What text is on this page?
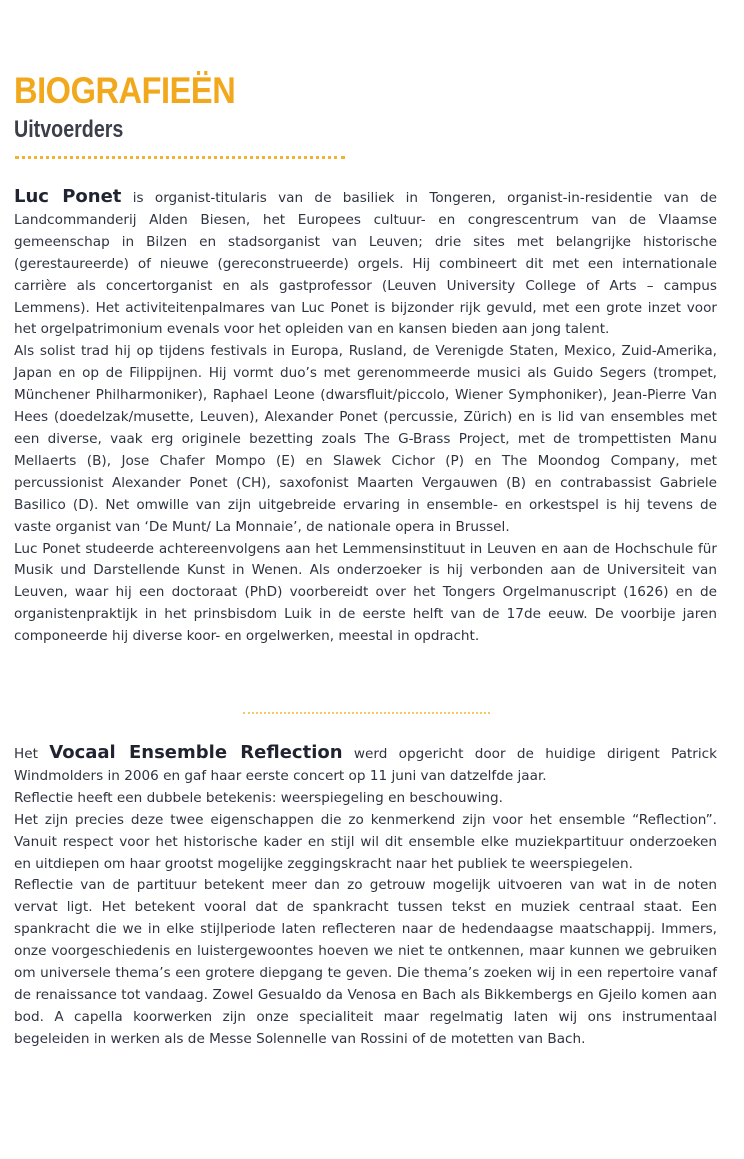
BIOGRAFIEËN
Uitvoerders

Luc Ponet is organist-titularis van de basiliek in Tongeren, organist-in-residentie van de Landcommanderij Alden Biesen, het Europees cultuur- en congrescentrum van de Vlaamse gemeenschap in Bilzen en stadsorganist van Leuven; drie sites met belangrijke historische (gerestaureerde) of nieuwe (gereconstrueerde) orgels. Hij combineert dit met een internationale carrière als concertorganist en als gastprofessor (Leuven University College of Arts – campus Lemmens). Het activiteitenpalmares van Luc Ponet is bijzonder rijk gevuld, met een grote inzet voor het orgelpatrimonium evenals voor het opleiden van en kansen bieden aan jong talent.

Als solist trad hij op tijdens festivals in Europa, Rusland, de Verenigde Staten, Mexico, Zuid-Amerika, Japan en op de Filippijnen. Hij vormt duo’s met gerenommeerde musici als Guido Segers (trompet, Münchener Philharmoniker), Raphael Leone (dwarsfluit/piccolo, Wiener Symphoniker), Jean-Pierre Van Hees (doedelzak/musette, Leuven), Alexander Ponet (percussie, Zürich) en is lid van ensembles met een diverse, vaak erg originele bezetting zoals The G-Brass Project, met de trompettisten Manu Mellaerts (B), Jose Chafer Mompo (E) en Slawek Cichor (P) en The Moondog Company, met percussionist Alexander Ponet (CH), saxofonist Maarten Vergauwen (B) en contrabassist Gabriele Basilico (D). Net omwille van zijn uitgebreide ervaring in ensemble- en orkestspel is hij tevens de vaste organist van ‘De Munt/ La Monnaie’, de nationale opera in Brussel.

Luc Ponet studeerde achtereenvolgens aan het Lemmensinstituut in Leuven en aan de Hochschule für Musik und Darstellende Kunst in Wenen. Als onderzoeker is hij verbonden aan de Universiteit van Leuven, waar hij een doctoraat (PhD) voorbereidt over het Tongers Orgelmanuscript (1626) en de organistenpraktijk in het prinsbisdom Luik in de eerste helft van de 17de eeuw. De voorbije jaren componeerde hij diverse koor- en orgelwerken, meestal in opdracht.

Het Vocaal Ensemble Reflection werd opgericht door de huidige dirigent Patrick Windmolders in 2006 en gaf haar eerste concert op 11 juni van datzelfde jaar.

Reflectie heeft een dubbele betekenis: weerspiegeling en beschouwing.

Het zijn precies deze twee eigenschappen die zo kenmerkend zijn voor het ensemble “Reflection”. Vanuit respect voor het historische kader en stijl wil dit ensemble elke muziekpartituur onderzoeken en uitdiepen om haar grootst mogelijke zeggingskracht naar het publiek te weerspiegelen.

Reflectie van de partituur betekent meer dan zo getrouw mogelijk uitvoeren van wat in de noten vervat ligt. Het betekent vooral dat de spankracht tussen tekst en muziek centraal staat. Een spankracht die we in elke stijlperiode laten reflecteren naar de hedendaagse maatschappij. Immers, onze voorgeschiedenis en luistergewoontes hoeven we niet te ontkennen, maar kunnen we gebruiken om universele thema’s een grotere diepgang te geven. Die thema’s zoeken wij in een repertoire vanaf de renaissance tot vandaag. Zowel Gesualdo da Venosa en Bach als Bikkembergs en Gjeilo komen aan bod. A capella koorwerken zijn onze specialiteit maar regelmatig laten wij ons instrumentaal begeleiden in werken als de Messe Solennelle van Rossini of de motetten van Bach.
